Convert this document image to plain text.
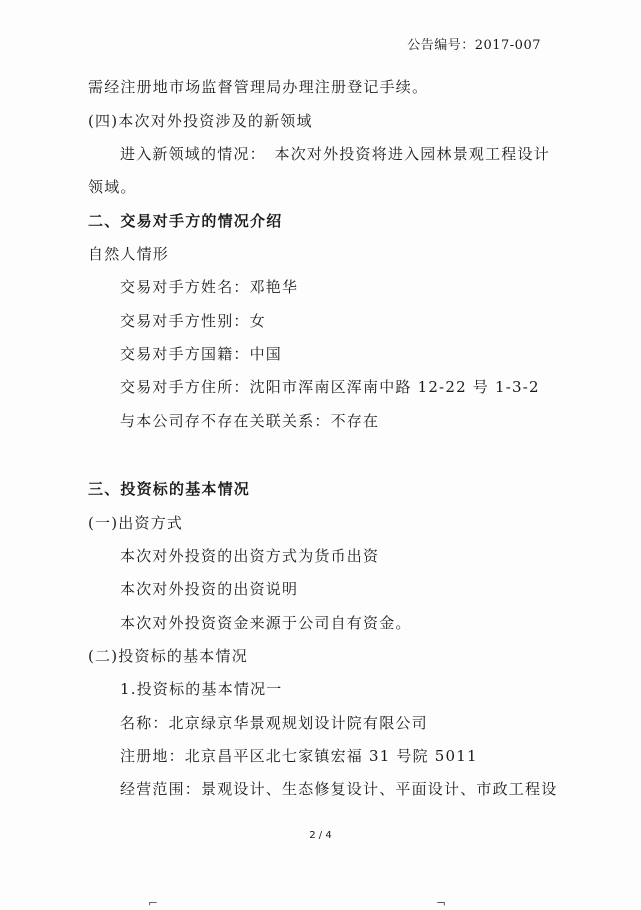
公告编号：2017-007
需经注册地市场监督管理局办理注册登记手续。
(四)本次对外投资涉及的新领域
进入新领域的情况：　本次对外投资将进入园林景观工程设计
领域。
二、交易对手方的情况介绍
自然人情形
交易对手方姓名：邓艳华
交易对手方性别：女
交易对手方国籍：中国
交易对手方住所：沈阳市浑南区浑南中路 12-22 号 1-3-2
与本公司存不存在关联关系：不存在
三、投资标的基本情况
(一)出资方式
本次对外投资的出资方式为货币出资
本次对外投资的出资说明
本次对外投资资金来源于公司自有资金。
(二)投资标的基本情况
1.投资标的基本情况一
名称：北京绿京华景观规划设计院有限公司
注册地：北京昌平区北七家镇宏福 31 号院 5011
经营范围：景观设计、生态修复设计、平面设计、市政工程设
2 / 4
⌐	¬
